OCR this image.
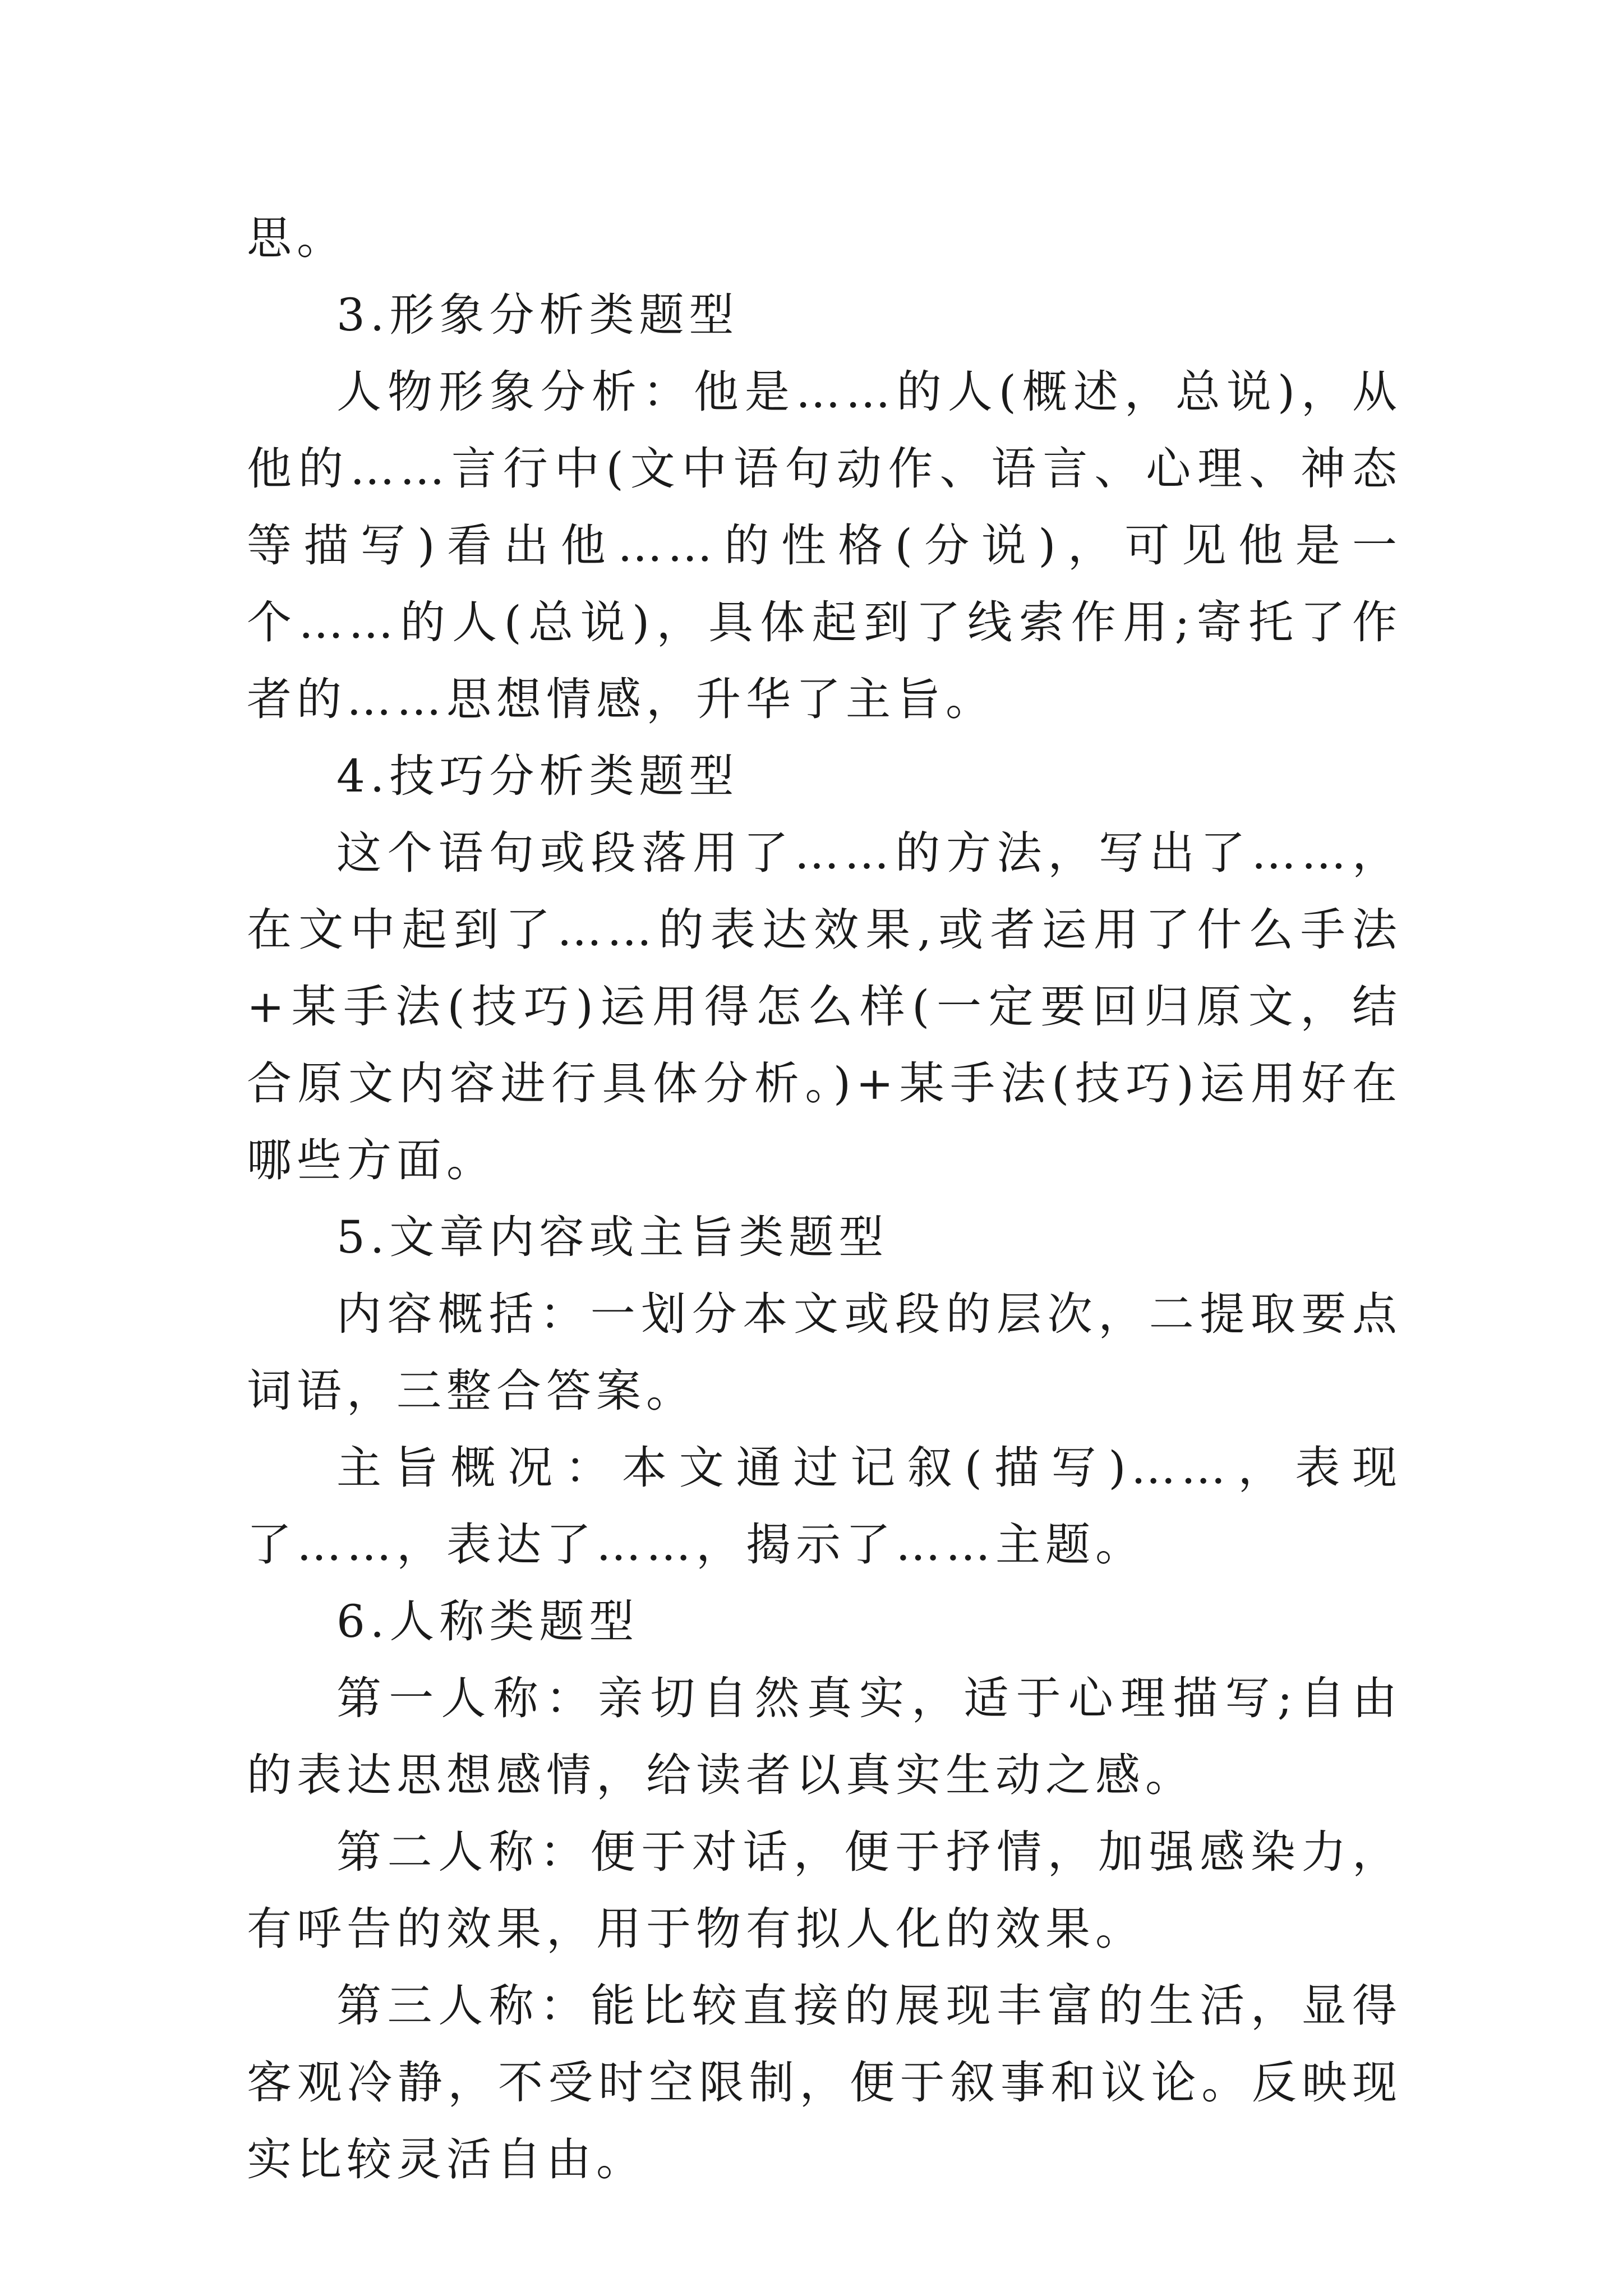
思。

3.形象分析类题型

人物形象分析：他是……的人(概述，总说)，从他的……言行中(文中语句动作、语言、心理、神态等描写)看出他……的性格(分说)，可见他是一个……的人(总说)，具体起到了线索作用;寄托了作者的……思想情感，升华了主旨。

4.技巧分析类题型

这个语句或段落用了……的方法，写出了……，在文中起到了……的表达效果,或者运用了什么手法+某手法(技巧)运用得怎么样(一定要回归原文，结合原文内容进行具体分析。)+某手法(技巧)运用好在哪些方面。

5.文章内容或主旨类题型

内容概括：一划分本文或段的层次，二提取要点词语，三整合答案。

主旨概况：本文通过记叙(描写)……，表现了……，表达了……，揭示了……主题。

6.人称类题型

第一人称：亲切自然真实，适于心理描写;自由的表达思想感情，给读者以真实生动之感。

第二人称：便于对话，便于抒情，加强感染力，有呼告的效果，用于物有拟人化的效果。

第三人称：能比较直接的展现丰富的生活，显得客观冷静，不受时空限制，便于叙事和议论。反映现实比较灵活自由。
